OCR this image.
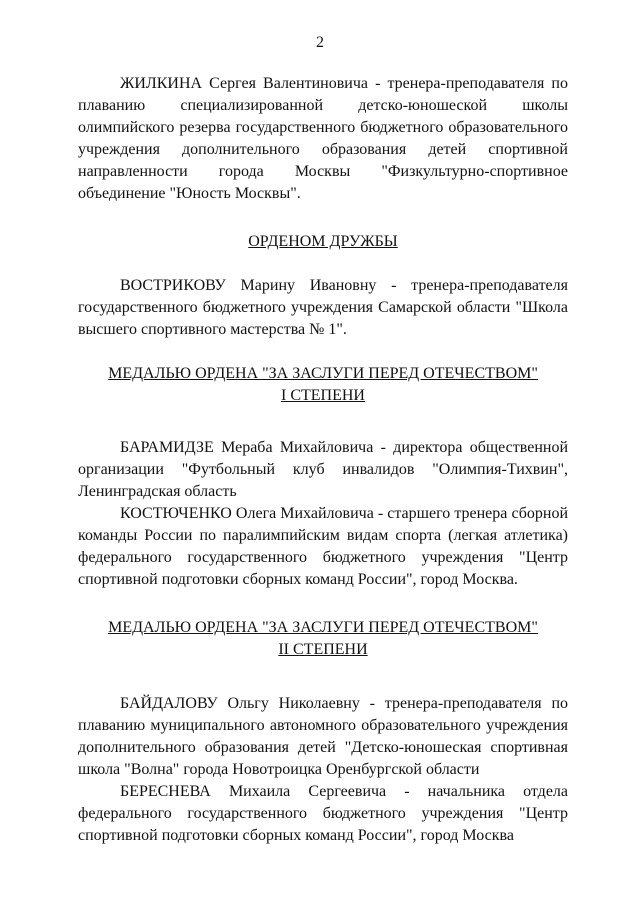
2

ЖИЛКИНА Сергея Валентиновича - тренера-преподавателя по плаванию специализированной детско-юношеской школы олимпийского резерва государственного бюджетного образовательного учреждения дополнительного образования детей спортивной направленности города Москвы "Физкультурно-спортивное объединение "Юность Москвы".

ОРДЕНОМ ДРУЖБЫ

ВОСТРИКОВУ Марину Ивановну - тренера-преподавателя государственного бюджетного учреждения Самарской области "Школа высшего спортивного мастерства № 1".

МЕДАЛЬЮ ОРДЕНА "ЗА ЗАСЛУГИ ПЕРЕД ОТЕЧЕСТВОМ"

I СТЕПЕНИ

БАРАМИДЗЕ Мераба Михайловича - директора общественной организации "Футбольный клуб инвалидов "Олимпия-Тихвин", Ленинградская область

КОСТЮЧЕНКО Олега Михайловича - старшего тренера сборной команды России по паралимпийским видам спорта (легкая атлетика) федерального государственного бюджетного учреждения "Центр спортивной подготовки сборных команд России", город Москва.

МЕДАЛЬЮ ОРДЕНА "ЗА ЗАСЛУГИ ПЕРЕД ОТЕЧЕСТВОМ"

II СТЕПЕНИ

БАЙДАЛОВУ Ольгу Николаевну - тренера-преподавателя по плаванию муниципального автономного образовательного учреждения дополнительного образования детей "Детско-юношеская спортивная школа "Волна" города Новотроицка Оренбургской области

БЕРЕСНЕВА Михаила Сергеевича - начальника отдела федерального государственного бюджетного учреждения "Центр спортивной подготовки сборных команд России", город Москва
